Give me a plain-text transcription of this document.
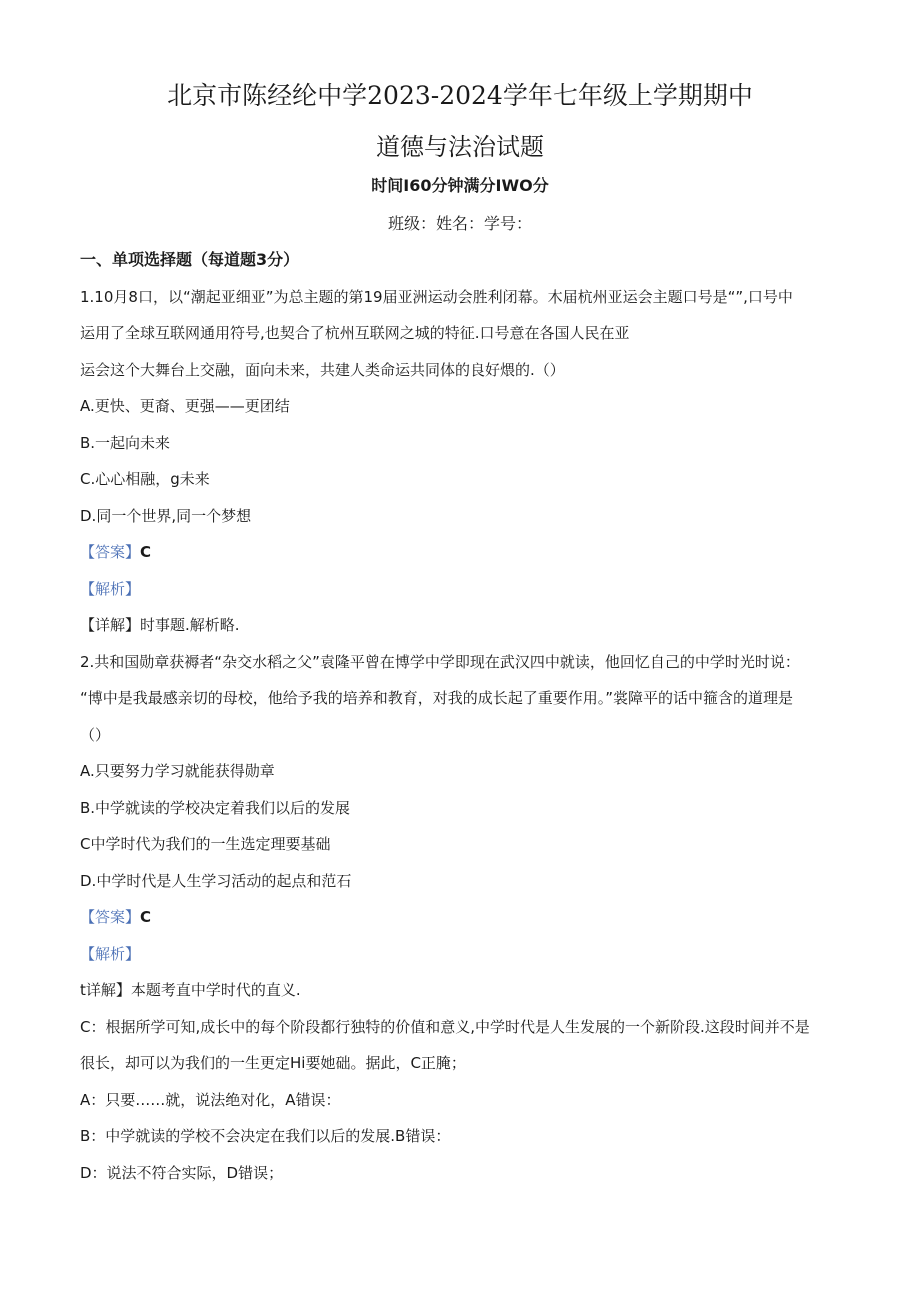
北京市陈经纶中学2023-2024学年七年级上学期期中
道德与法治试题
时间I60分钟满分IWO分
班级：姓名：学号：
一、单项选择题（每道题3分）
1.10月8口，以“潮起亚细亚”为总主题的第19届亚洲运动会胜利闭幕。木届杭州亚运会主题口号是“”,口号中
运用了全球互联网通用符号,也契合了杭州互联网之城的特征.口号意在各国人民在亚
运会这个大舞台上交融，面向未来，共建人类命运共同体的良好煨的.（）
A.更快、更裔、更强——更团结
B.一起向未来
C.心心相融，g未来
D.同一个世界,同一个梦想
【答案】C
【解析】
【详解】时事题.解析略.
2.共和国勋章获褥者“杂交水稻之父”袁隆平曾在博学中学即现在武汉四中就读，他回忆自己的中学时光时说：
“博中是我最感亲切的母校，他给予我的培养和教育，对我的成长起了重要作用。”裳障平的话中箍含的道理是
（）
A.只要努力学习就能获得勋章
B.中学就读的学校决定着我们以后的发展
C中学时代为我们的一生选定理要基础
D.中学时代是人生学习活动的起点和范石
【答案】C
【解析】
t详解】本题考直中学时代的直义.
C：根据所学可知,成长中的每个阶段都行独特的价值和意义,中学时代是人生发展的一个新阶段.这段时间并不是
很长，却可以为我们的一生更定Hi要她础。据此，C正腌；
A：只要……就，说法绝对化，A错误：
B：中学就读的学校不会决定在我们以后的发展.B错误：
D：说法不符合实际，D错误；
